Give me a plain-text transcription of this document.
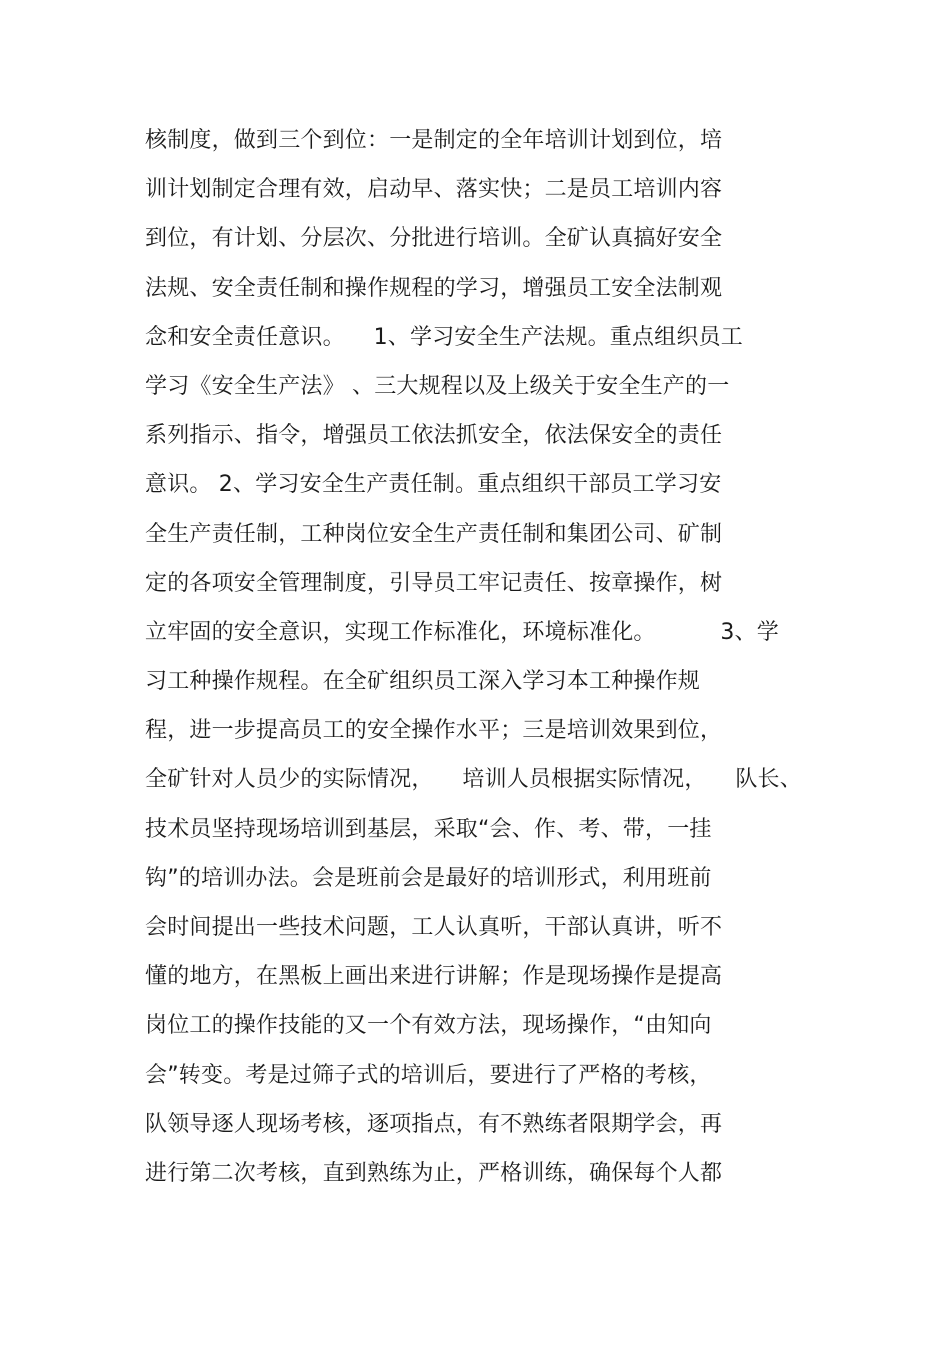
核制度，做到三个到位：一是制定的全年培训计划到位，培
训计划制定合理有效，启动早、落实快；二是员工培训内容
到位，有计划、分层次、分批进行培训。全矿认真搞好安全
法规、安全责任制和操作规程的学习，增强员工安全法制观
念和安全责任意识。    1、学习安全生产法规。重点组织员工
学习《安全生产法》 、三大规程以及上级关于安全生产的一
系列指示、指令，增强员工依法抓安全，依法保安全的责任
意识。 2、学习安全生产责任制。重点组织干部员工学习安
全生产责任制，工种岗位安全生产责任制和集团公司、矿制
定的各项安全管理制度，引导员工牢记责任、按章操作，树
立牢固的安全意识，实现工作标准化，环境标准化。         3、学
习工种操作规程。在全矿组织员工深入学习本工种操作规
程，进一步提高员工的安全操作水平；三是培训效果到位，
全矿针对人员少的实际情况，    培训人员根据实际情况，    队长、
技术员坚持现场培训到基层，采取“会、作、考、带，一挂
钩”的培训办法。会是班前会是最好的培训形式，利用班前
会时间提出一些技术问题，工人认真听，干部认真讲，听不
懂的地方，在黑板上画出来进行讲解；作是现场操作是提高
岗位工的操作技能的又一个有效方法，现场操作，“由知向
会”转变。考是过筛子式的培训后，要进行了严格的考核，
队领导逐人现场考核，逐项指点，有不熟练者限期学会，再
进行第二次考核，直到熟练为止，严格训练，确保每个人都
